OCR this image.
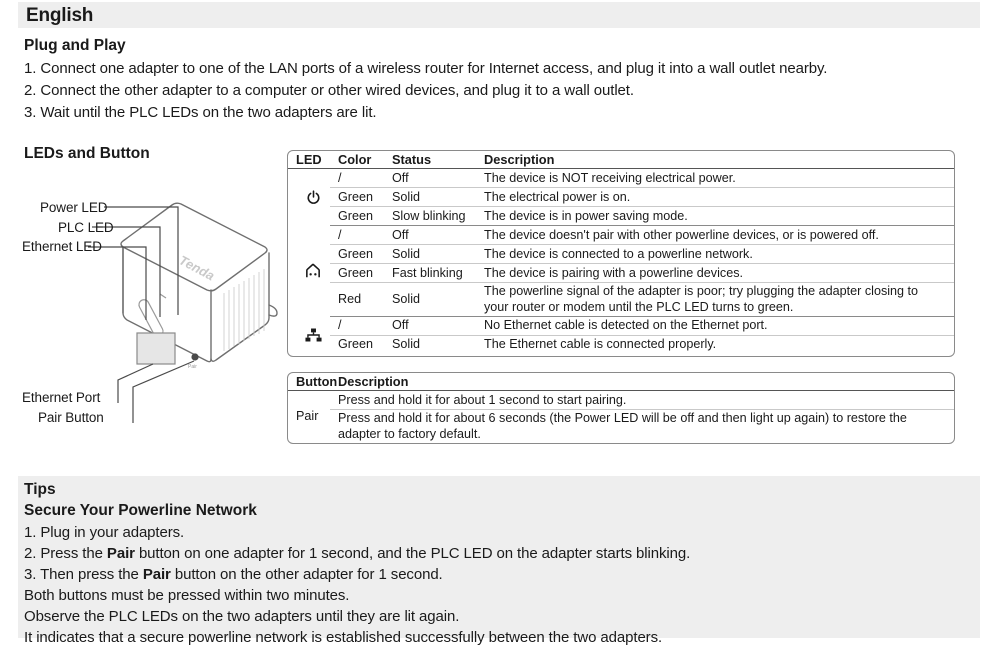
English
Plug and Play
1. Connect one adapter to one of the LAN ports of a wireless router for Internet access, and plug it into a wall outlet nearby.
2. Connect the other adapter to a computer or other wired devices, and plug it to a wall outlet.
3. Wait until the PLC LEDs on the two adapters are lit.
LEDs and Button
Tenda
Pair
Power LED
PLC LED
Ethernet LED
Ethernet Port
Pair Button
LED	Color	Status	Description

	/	Off	The device is NOT receiving electrical power.
	Green	Solid	The electrical power is on.
	Green	Slow blinking	The device is in power saving mode.

	/	Off	The device doesn't pair with other powerline devices, or is powered off.
	Green	Solid	The device is connected to a powerline network.
	Green	Fast blinking	The device is pairing with a powerline devices.
	Red	Solid	The powerline signal of the adapter is poor; try plugging the adapter closing to your router or modem until the PLC LED turns to green.

	/	Off	No Ethernet cable is detected on the Ethernet port.
	Green	Solid	The Ethernet cable is connected properly.
Button	Description
Pair	Press and hold it for about 1 second to start pairing.
	Press and hold it for about 6 seconds (the Power LED will be off and then light up again) to restore the adapter to factory default.
Tips
Secure Your Powerline Network
1. Plug in your adapters.
2. Press the Pair button on one adapter for 1 second, and the PLC LED on the adapter starts blinking.
3. Then press the Pair button on the other adapter for 1 second.
Both buttons must be pressed within two minutes.
Observe the PLC LEDs on the two adapters until they are lit again.
It indicates that a secure powerline network is established successfully between the two adapters.
